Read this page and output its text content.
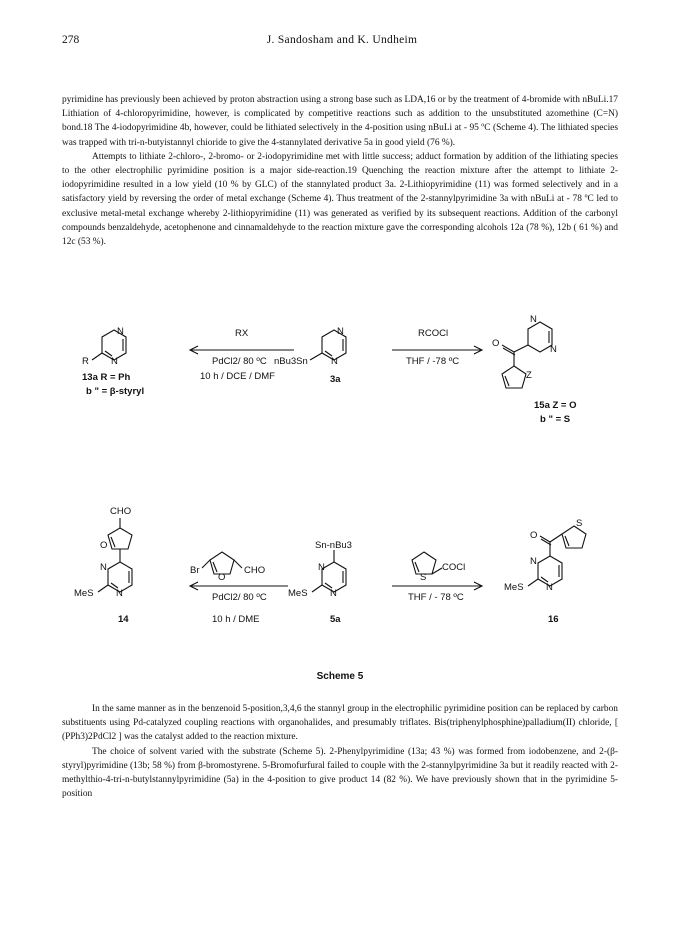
278	J. Sandosham and K. Undheim

pyrimidine has previously been achieved by proton abstraction using a strong base such as LDA,16 or by the treatment of 4-bromide with nBuLi.17 Lithiation of 4-chloropyrimidine, however, is complicated by competitive reactions such as addition to the unsubstituted azomethine (C=N) bond.18 The 4-iodopyrimidine 4b, however, could be lithiated selectively in the 4-position using nBuLi at - 95 ºC (Scheme 4). The lithiated species was trapped with tri-n-butyistannyl chioride to give the 4-stannylated derivative 5a in good yield (76 %).

Attempts to lithiate 2-chloro-, 2-bromo- or 2-iodopyrimidine met with little success; adduct formation by addition of the lithiating species to the other electrophilic pyrimidine position is a major side-reaction.19 Quenching the reaction mixture after the attempt to lithiate 2-iodopyrimidine resulted in a low yield (10 % by GLC) of the stannylated product 3a. 2-Lithiopyrimidine (11) was formed selectively and in a satisfactory yield by reversing the order of metal exchange (Scheme 4). Thus treatment of the 2-stannylpyrimidine 3a with nBuLi at - 78 ºC led to exclusive metal-metal exchange whereby 2-lithiopyrimidine (11) was generated as verified by its subsequent reactions. Addition of the carbonyl compounds benzaldehyde, acetophenone and cinnamaldehyde to the reaction mixture gave the corresponding alcohols 12a (78 %), 12b ( 61 %) and 12c (53 %).

N
N
R
N
N
nBu3Sn
N
N
O
Z
RX
PdCl2/ 80 ºC
10 h / DCE / DMF
RCOCl
THF / -78 ºC
13a R = Ph
b " = β-styryl
3a
15a Z = O
b " = S
CHO
O
N
N
MeS
Br
O
CHO
Sn-nBu3
N
N
MeS
S
COCl
S
O
N
N
MeS
PdCl2/ 80 ºC
10 h / DME
THF / - 78 ºC
14	5a	16
Scheme 5

In the same manner as in the benzenoid 5-position,3,4,6 the stannyl group in the electrophilic pyrimidine position can be replaced by carbon substituents using Pd-catalyzed coupling reactions with organohalides, and presumably triflates. Bis(triphenylphosphine)palladium(II) chloride, [ (PPh3)2PdCl2 ] was the catalyst added to the reaction mixture.

The choice of solvent varied with the substrate (Scheme 5). 2-Phenylpyrimidine (13a; 43 %) was formed from iodobenzene, and 2-(β-styryl)pyrimidine (13b; 58 %) from β-bromostyrene. 5-Bromofurfural failed to couple with the 2-stannylpyrimidine 3a but it readily reacted with 2-methylthio-4-tri-n-butylstannylpyrimidine (5a) in the 4-position to give product 14 (82 %). We have previously shown that in the pyrimidine 5-position
